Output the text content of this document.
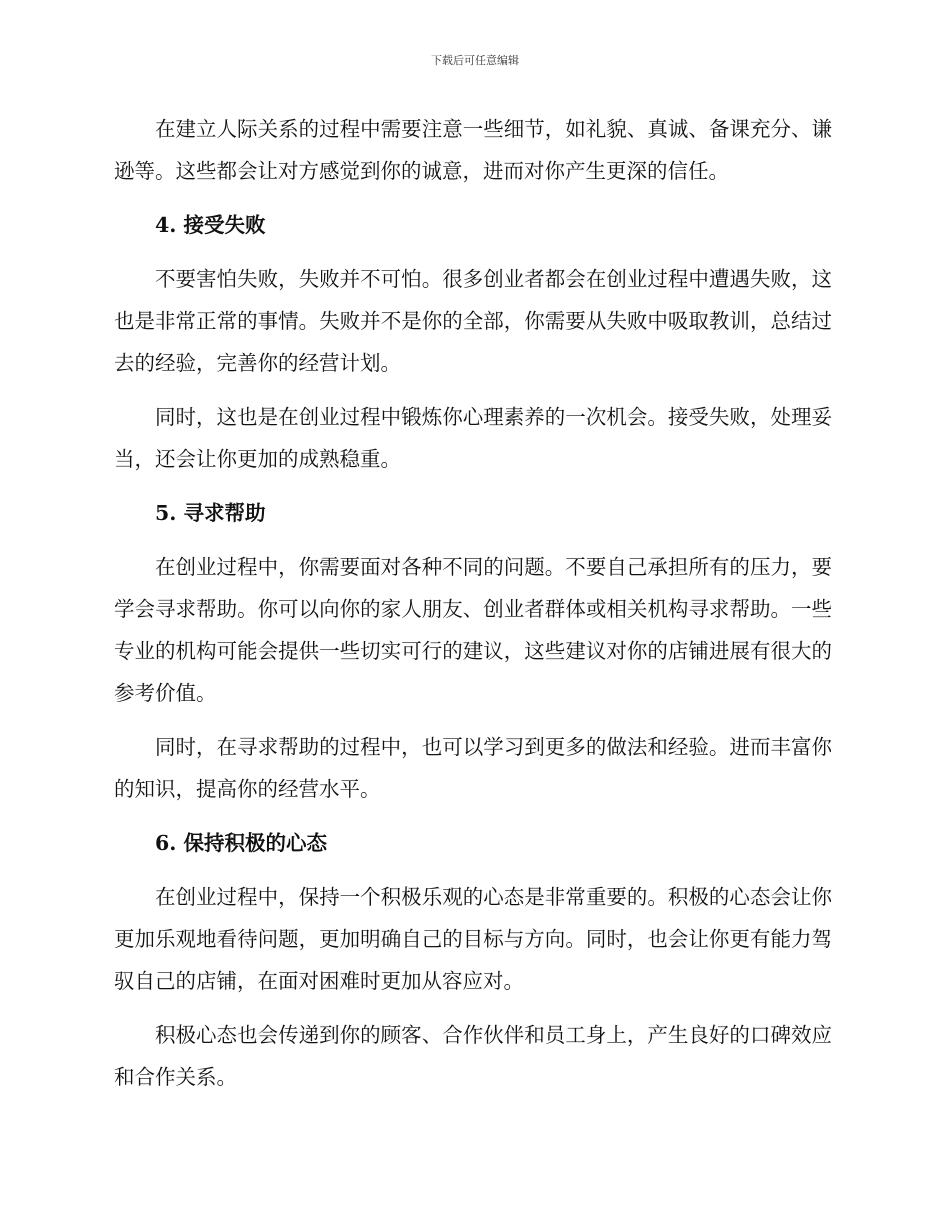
下载后可任意编辑

在建立人际关系的过程中需要注意一些细节，如礼貌、真诚、备课充分、谦逊等。这些都会让对方感觉到你的诚意，进而对你产生更深的信任。

4. 接受失败

不要害怕失败，失败并不可怕。很多创业者都会在创业过程中遭遇失败，这也是非常正常的事情。失败并不是你的全部，你需要从失败中吸取教训，总结过去的经验，完善你的经营计划。

同时，这也是在创业过程中锻炼你心理素养的一次机会。接受失败，处理妥当，还会让你更加的成熟稳重。

5. 寻求帮助

在创业过程中，你需要面对各种不同的问题。不要自己承担所有的压力，要学会寻求帮助。你可以向你的家人朋友、创业者群体或相关机构寻求帮助。一些专业的机构可能会提供一些切实可行的建议，这些建议对你的店铺进展有很大的参考价值。

同时，在寻求帮助的过程中，也可以学习到更多的做法和经验。进而丰富你的知识，提高你的经营水平。

6. 保持积极的心态

在创业过程中，保持一个积极乐观的心态是非常重要的。积极的心态会让你更加乐观地看待问题，更加明确自己的目标与方向。同时，也会让你更有能力驾驭自己的店铺，在面对困难时更加从容应对。

积极心态也会传递到你的顾客、合作伙伴和员工身上，产生良好的口碑效应和合作关系。
